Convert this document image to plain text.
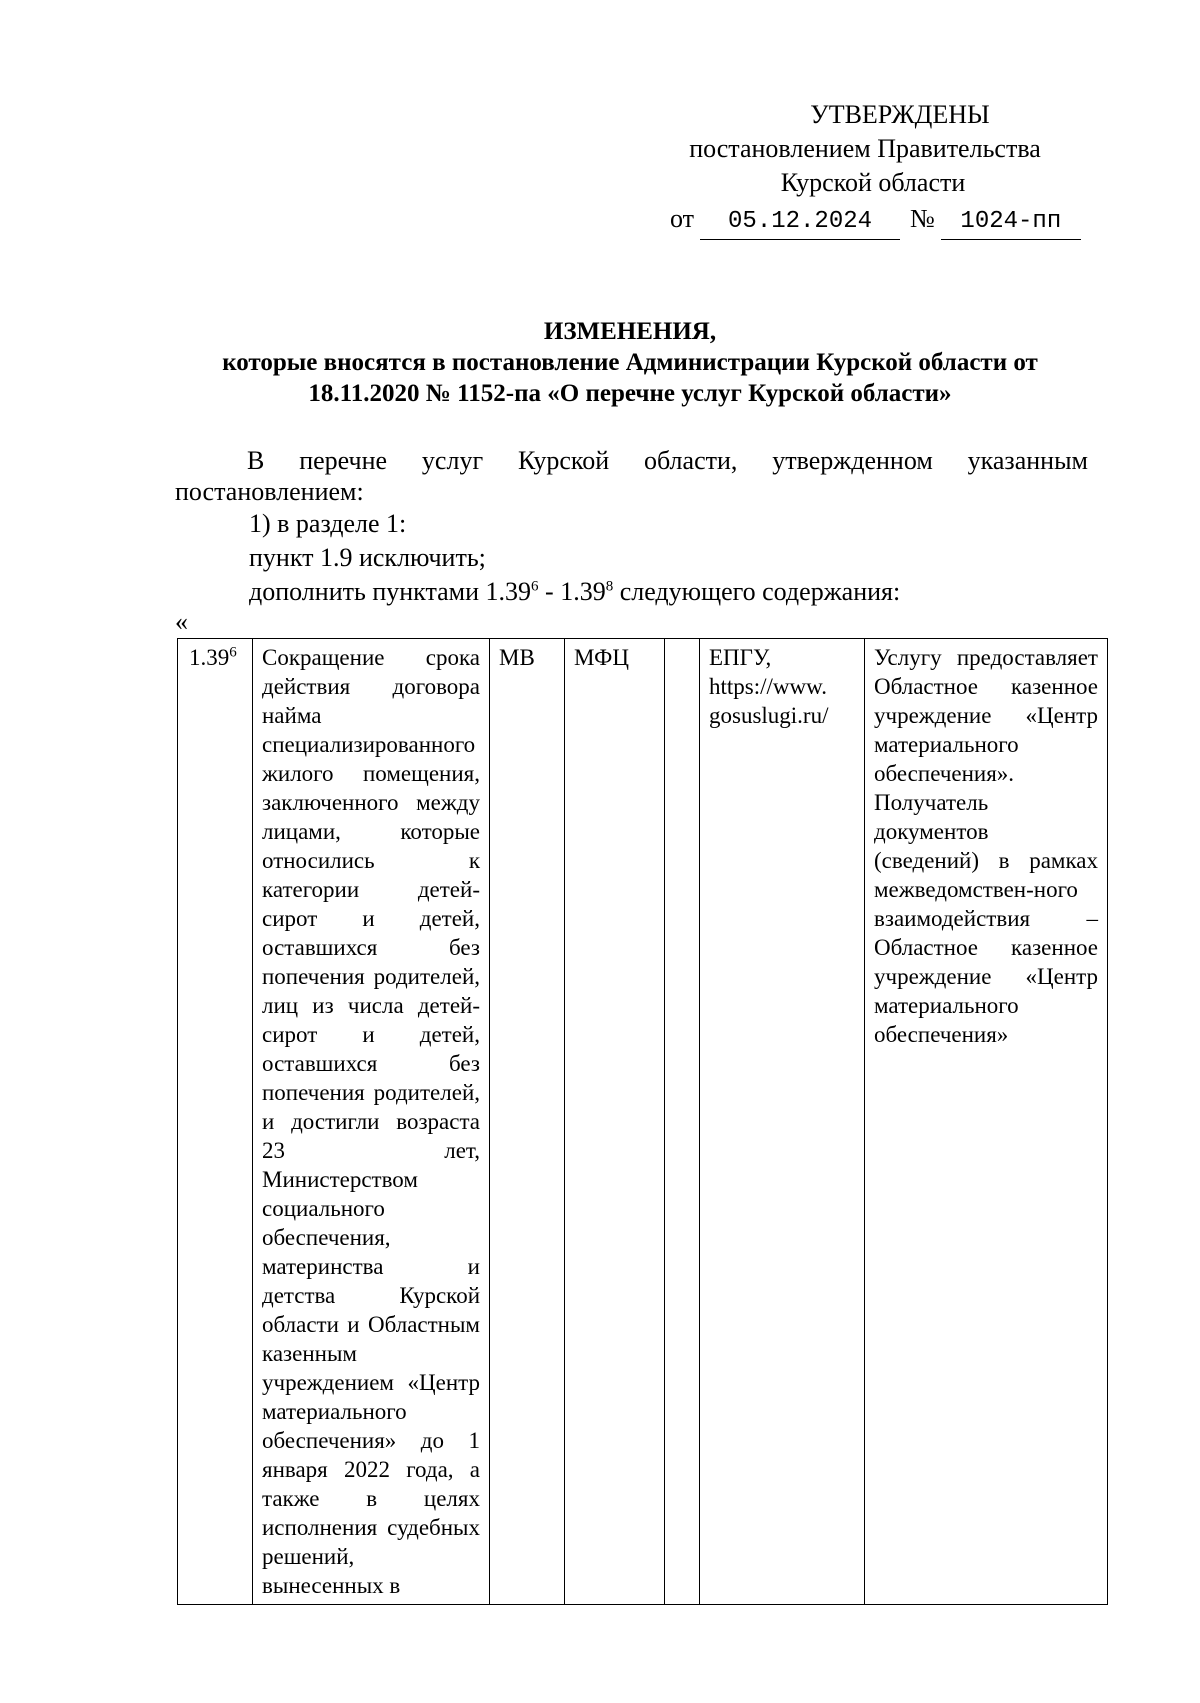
УТВЕРЖДЕНЫ
постановлением Правительства
Курской области
от 05.12.2024 № 1024-пп
ИЗМЕНЕНИЯ,
которые вносятся в постановление Администрации Курской области от 18.11.2020 № 1152-па «О перечне услуг Курской области»
В перечне услуг Курской области, утвержденном указанным постановлением:
1) в разделе 1:
пункт 1.9 исключить;
дополнить пунктами 1.39$^6$ - 1.39$^8$ следующего содержания:
«
1.39$^6$	Сокращение срока действия договора найма специализированного жилого помещения, заключенного между лицами, которые относились к категории детей-сирот и детей, оставшихся без попечения родителей, лиц из числа детей-сирот и детей, оставшихся без попечения родителей, и достигли возраста 23 лет, Министерством социального обеспечения, материнства и детства Курской области и Областным казенным учреждением «Центр материального обеспечения» до 1 января 2022 года, а также в целях исполнения судебных решений, вынесенных в	МВ	МФЦ		ЕПГУ,
https://www.
gosuslugi.ru/
	Услугу предоставляет Областное казенное учреждение «Центр материального обеспечения». Получатель документов (сведений) в рамках межведомствен-ного взаимодействия – Областное казенное учреждение «Центр материального обеспечения»
